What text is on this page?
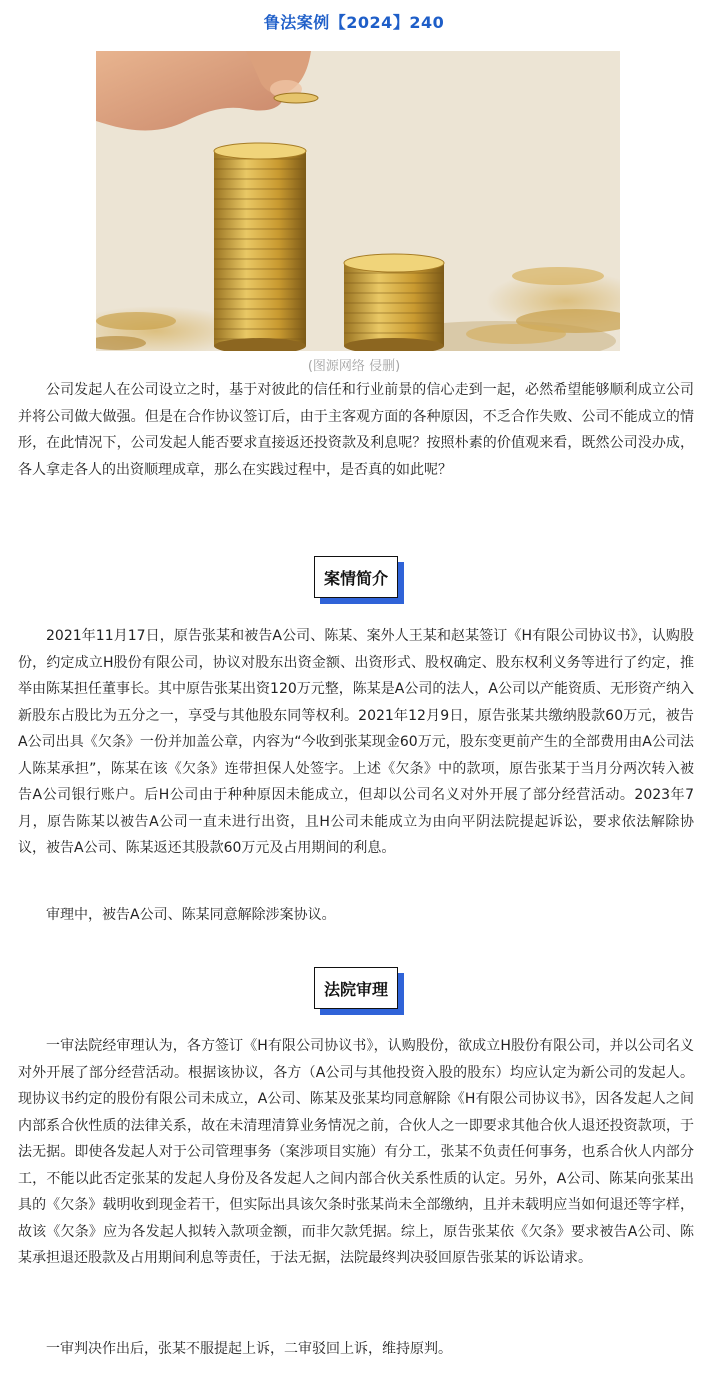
鲁法案例【2024】240
(图源网络 侵删)

公司发起人在公司设立之时，基于对彼此的信任和行业前景的信心走到一起，必然希望能够顺利成立公司并将公司做大做强。但是在合作协议签订后，由于主客观方面的各种原因，不乏合作失败、公司不能成立的情形，在此情况下，公司发起人能否要求直接返还投资款及利息呢？按照朴素的价值观来看，既然公司没办成，各人拿走各人的出资顺理成章，那么在实践过程中，是否真的如此呢？

案情简介

2021年11月17日，原告张某和被告A公司、陈某、案外人王某和赵某签订《H有限公司协议书》，认购股份，约定成立H股份有限公司，协议对股东出资金额、出资形式、股权确定、股东权利义务等进行了约定，推举由陈某担任董事长。其中原告张某出资120万元整，陈某是A公司的法人，A公司以产能资质、无形资产纳入新股东占股比为五分之一，享受与其他股东同等权利。2021年12月9日，原告张某共缴纳股款60万元，被告A公司出具《欠条》一份并加盖公章，内容为“今收到张某现金60万元，股东变更前产生的全部费用由A公司法人陈某承担”，陈某在该《欠条》连带担保人处签字。上述《欠条》中的款项，原告张某于当月分两次转入被告A公司银行账户。后H公司由于种种原因未能成立，但却以公司名义对外开展了部分经营活动。2023年7月，原告陈某以被告A公司一直未进行出资，且H公司未能成立为由向平阴法院提起诉讼，要求依法解除协议，被告A公司、陈某返还其股款60万元及占用期间的利息。

审理中，被告A公司、陈某同意解除涉案协议。

法院审理

一审法院经审理认为，各方签订《H有限公司协议书》，认购股份，欲成立H股份有限公司，并以公司名义对外开展了部分经营活动。根据该协议，各方（A公司与其他投资入股的股东）均应认定为新公司的发起人。现协议书约定的股份有限公司未成立，A公司、陈某及张某均同意解除《H有限公司协议书》，因各发起人之间内部系合伙性质的法律关系，故在未清理清算业务情况之前，合伙人之一即要求其他合伙人退还投资款项，于法无据。即使各发起人对于公司管理事务（案涉项目实施）有分工，张某不负责任何事务，也系合伙人内部分工，不能以此否定张某的发起人身份及各发起人之间内部合伙关系性质的认定。另外，A公司、陈某向张某出具的《欠条》载明收到现金若干，但实际出具该欠条时张某尚未全部缴纳，且并未载明应当如何退还等字样，故该《欠条》应为各发起人拟转入款项金额，而非欠款凭据。综上，原告张某依《欠条》要求被告A公司、陈某承担退还股款及占用期间利息等责任，于法无据，法院最终判决驳回原告张某的诉讼请求。

一审判决作出后，张某不服提起上诉，二审驳回上诉，维持原判。
